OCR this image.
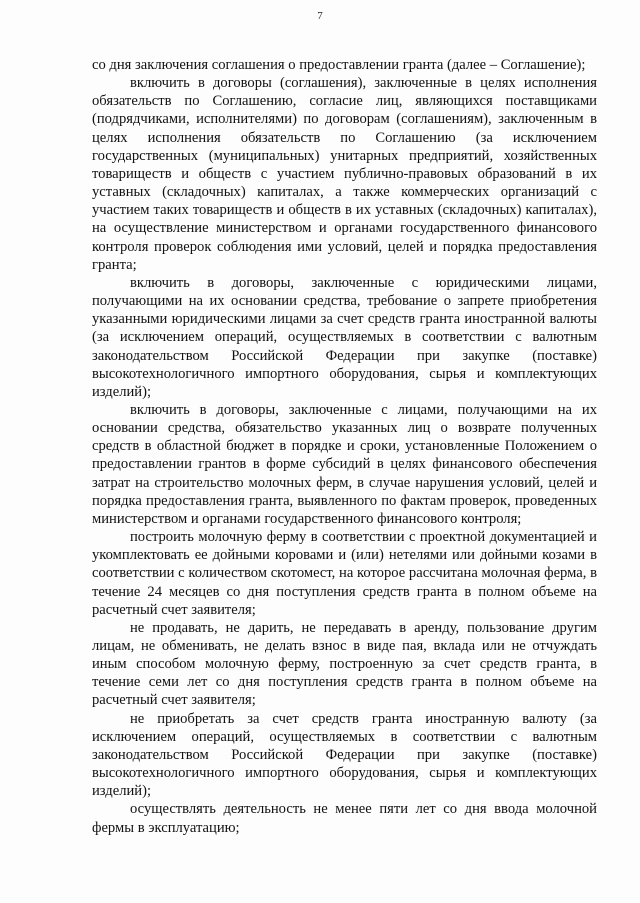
7

со дня заключения соглашения о предоставлении гранта (далее – Соглашение);

включить в договоры (соглашения), заключенные в целях исполнения обязательств по Соглашению, согласие лиц, являющихся поставщиками (подрядчиками, исполнителями) по договорам (соглашениям), заключенным в целях исполнения обязательств по Соглашению (за исключением государственных (муниципальных) унитарных предприятий, хозяйственных товариществ и обществ с участием публично-правовых образований в их уставных (складочных) капиталах, а также коммерческих организаций с участием таких товариществ и обществ в их уставных (складочных) капиталах), на осуществление министерством и органами государственного финансового контроля проверок соблюдения ими условий, целей и порядка предоставления гранта;

включить в договоры, заключенные с юридическими лицами, получающими на их основании средства, требование о запрете приобретения указанными юридическими лицами за счет средств гранта иностранной валюты (за исключением операций, осуществляемых в соответствии с валютным законодательством Российской Федерации при закупке (поставке) высокотехнологичного импортного оборудования, сырья и комплектующих изделий);

включить в договоры, заключенные с лицами, получающими на их основании средства, обязательство указанных лиц о возврате полученных средств в областной бюджет в порядке и сроки, установленные Положением о предоставлении грантов в форме субсидий в целях финансового обеспечения затрат на строительство молочных ферм, в случае нарушения условий, целей и порядка предоставления гранта, выявленного по фактам проверок, проведенных министерством и органами государственного финансового контроля;

построить молочную ферму в соответствии с проектной документацией и укомплектовать ее дойными коровами и (или) нетелями или дойными козами в соответствии с количеством скотомест, на которое рассчитана молочная ферма, в течение 24 месяцев со дня поступления средств гранта в полном объеме на расчетный счет заявителя;

не продавать, не дарить, не передавать в аренду, пользование другим лицам, не обменивать, не делать взнос в виде пая, вклада или не отчуждать иным способом молочную ферму, построенную за счет средств гранта, в течение семи лет со дня поступления средств гранта в полном объеме на расчетный счет заявителя;

не приобретать за счет средств гранта иностранную валюту (за исключением операций, осуществляемых в соответствии с валютным законодательством Российской Федерации при закупке (поставке) высокотехнологичного импортного оборудования, сырья и комплектующих изделий);

осуществлять деятельность не менее пяти лет со дня ввода молочной фермы в эксплуатацию;
